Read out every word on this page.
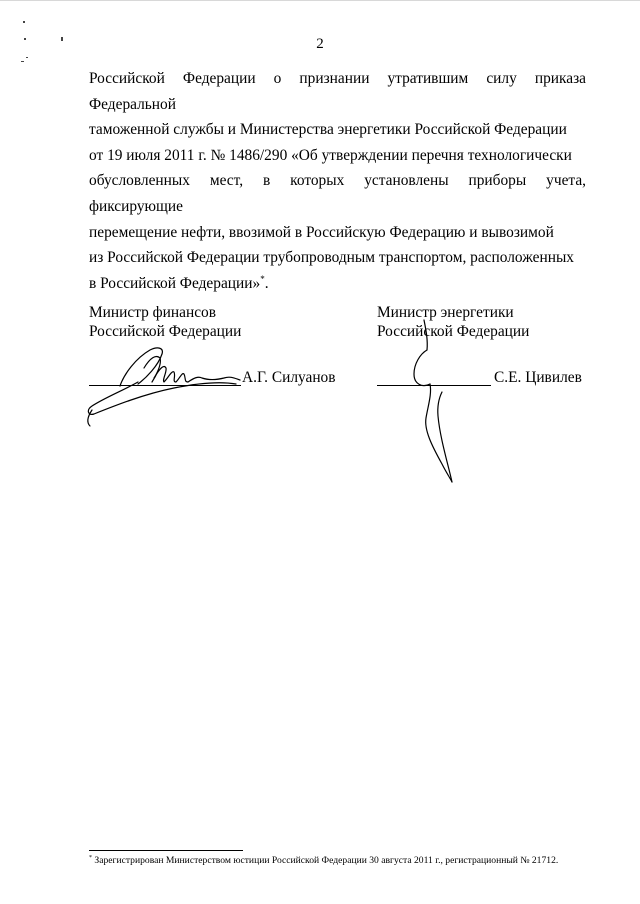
2

Российской Федерации о признании утратившим силу приказа Федеральной

таможенной службы и Министерства энергетики Российской Федерации

от 19 июля 2011 г. № 1486/290 «Об утверждении перечня технологически

обусловленных мест, в которых установлены приборы учета, фиксирующие

перемещение нефти, ввозимой в Российскую Федерацию и вывозимой

из Российской Федерации трубопроводным транспортом, расположенных

в Российской Федерации»*.

Министр финансов
Российской Федерации
А.Г. Силуанов
Министр энергетики
Российской Федерации
С.Е. Цивилев
* Зарегистрирован Министерством юстиции Российской Федерации 30 августа 2011 г., регистрационный № 21712.
